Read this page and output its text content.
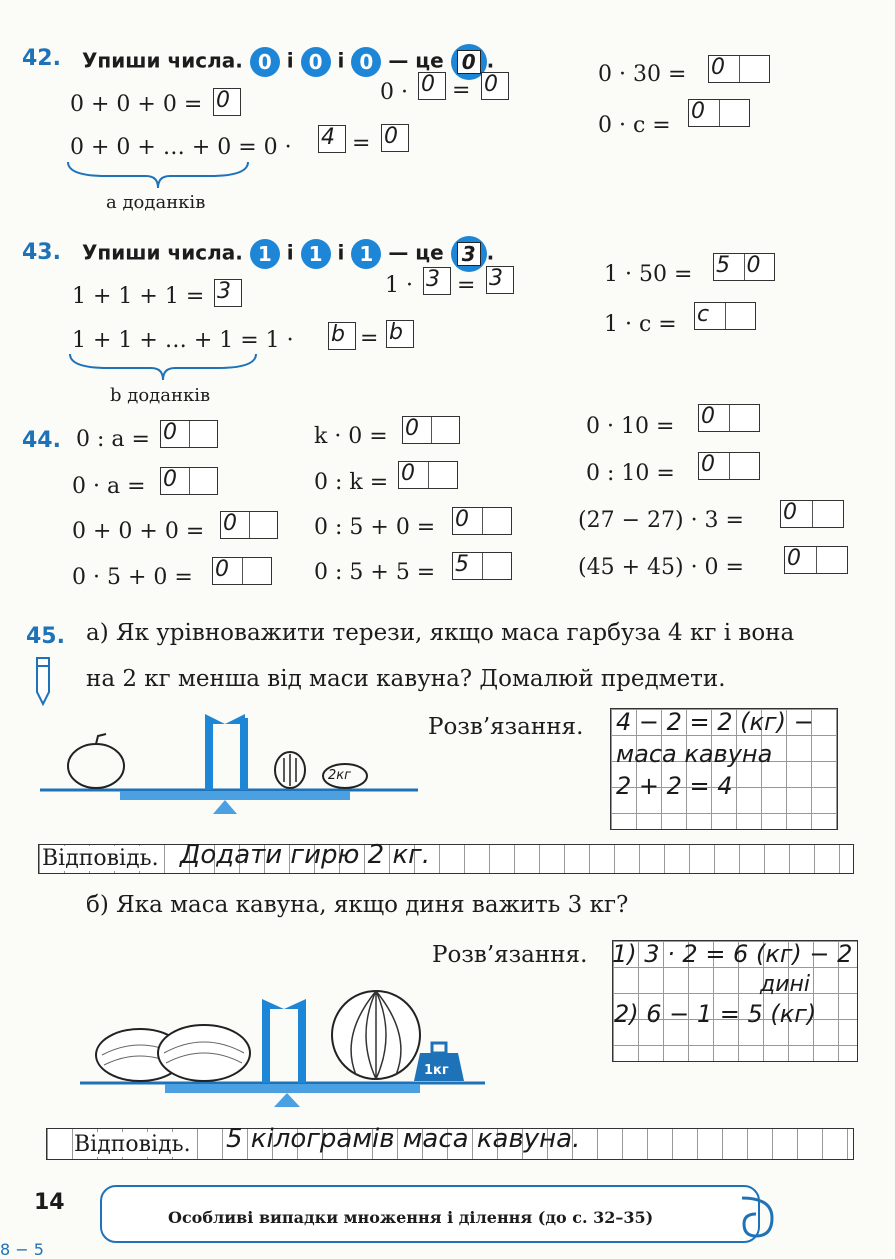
42. Упиши числа. 0 і 0 і 0 — це 0 .
0 + 0 + 0 = 0	0 · 0 = 0	0 · 30 = 0
0 · c =
0
0 + 0 + … + 0 = 0 · 4 = 0
a доданків
43. Упиши числа. 1 і 1 і 1 — це 3 .
1 + 1 + 1 = 3	1 · 3 = 3	1 · 50 = 5 0
1 · c = c
1 + 1 + … + 1 = 1 · b = b
b доданків
44. 0 : a = 0	k · 0 = 0	0 · 10 = 0
0 · a = 0	0 : k = 0	0 : 10 = 0
0 + 0 + 0 = 0	0 : 5 + 0 = 0	(27 − 27) · 3 = 0
0 · 5 + 0 = 0	0 : 5 + 5 = 5	(45 + 45) · 0 = 0
45. а) Як урівноважити терези, якщо маса гарбуза 4 кг і вона
на 2 кг менша від маси кавуна? Домалюй предмети.
2кг
Розв’язання. 4 − 2 = 2 (кг) −
маса кавуна
2 + 2 = 4
Відповідь. Додати гирю 2 кг.
б) Яка маса кавуна, якщо диня важить 3 кг?
1кг
Розв’язання. 1) 3 · 2 = 6 (кг) − 2
дині
2) 6 − 1 = 5 (кг)
Відповідь. 5 кілограмів маса кавуна.
14
Особливі випадки множення і ділення (до с. 32–35)
8 − 5
